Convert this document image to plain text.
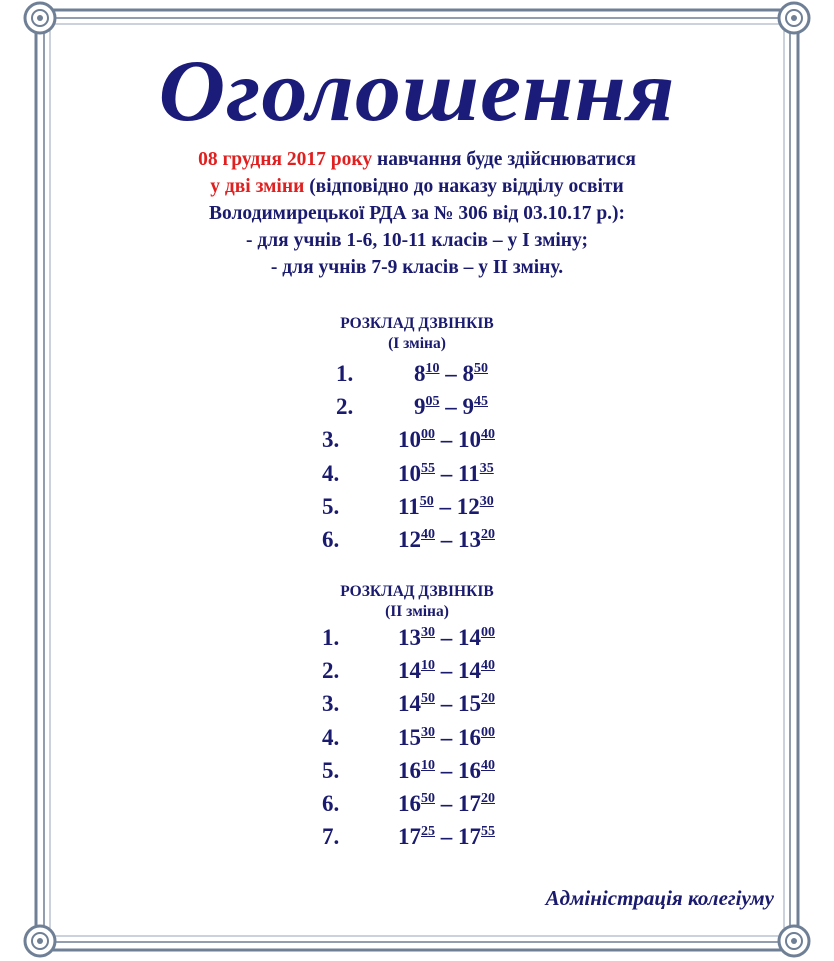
Оголошення
08 грудня 2017 року навчання буде здійснюватися
у дві зміни (відповідно до наказу відділу освіти
Володимирецької РДА за № 306 від 03.10.17 р.):
- для учнів 1-6, 10-11 класів – у І зміну;
- для учнів 7-9 класів – у ІІ зміну.
РОЗКЛАД ДЗВІНКІВ
(І зміна)
1.	$8^{10} - 8^{50}$
2.	$9^{05} - 9^{45}$
3.	$10^{00} - 10^{40}$
4.	$10^{55} - 11^{35}$
5.	$11^{50} - 12^{30}$
6.	$12^{40} - 13^{20}$
РОЗКЛАД ДЗВІНКІВ
(ІІ зміна)
1.	$13^{30} - 14^{00}$
2.	$14^{10} - 14^{40}$
3.	$14^{50} - 15^{20}$
4.	$15^{30} - 16^{00}$
5.	$16^{10} - 16^{40}$
6.	$16^{50} - 17^{20}$
7.	$17^{25} - 17^{55}$
Адміністрація колегіуму
